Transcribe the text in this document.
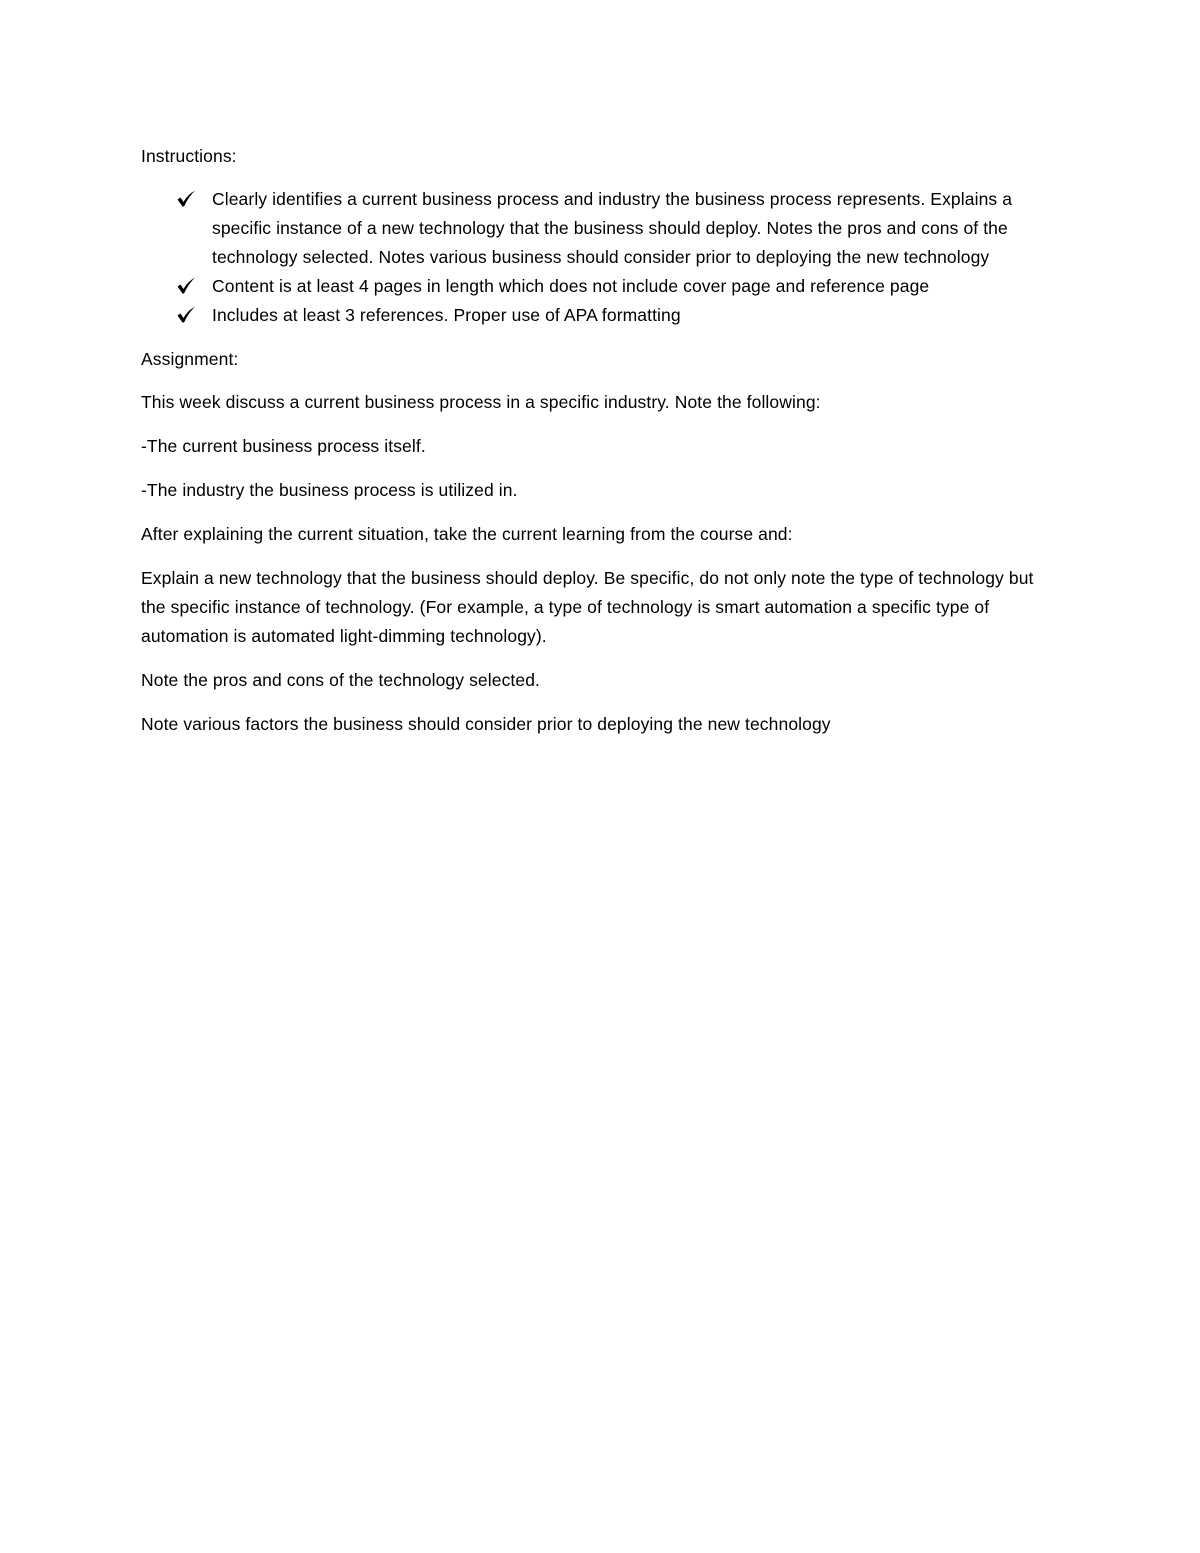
Instructions:

Clearly identifies a current business process and industry the business process represents. Explains a specific instance of a new technology that the business should deploy. Notes the pros and cons of the technology selected. Notes various business should consider prior to deploying the new technology
Content is at least 4 pages in length which does not include cover page and reference page
Includes at least 3 references. Proper use of APA formatting

Assignment:

This week discuss a current business process in a specific industry. Note the following:

-The current business process itself.

-The industry the business process is utilized in.

After explaining the current situation, take the current learning from the course and:

Explain a new technology that the business should deploy. Be specific, do not only note the type of technology but the specific instance of technology. (For example, a type of technology is smart automation a specific type of automation is automated light-dimming technology).

Note the pros and cons of the technology selected.

Note various factors the business should consider prior to deploying the new technology
